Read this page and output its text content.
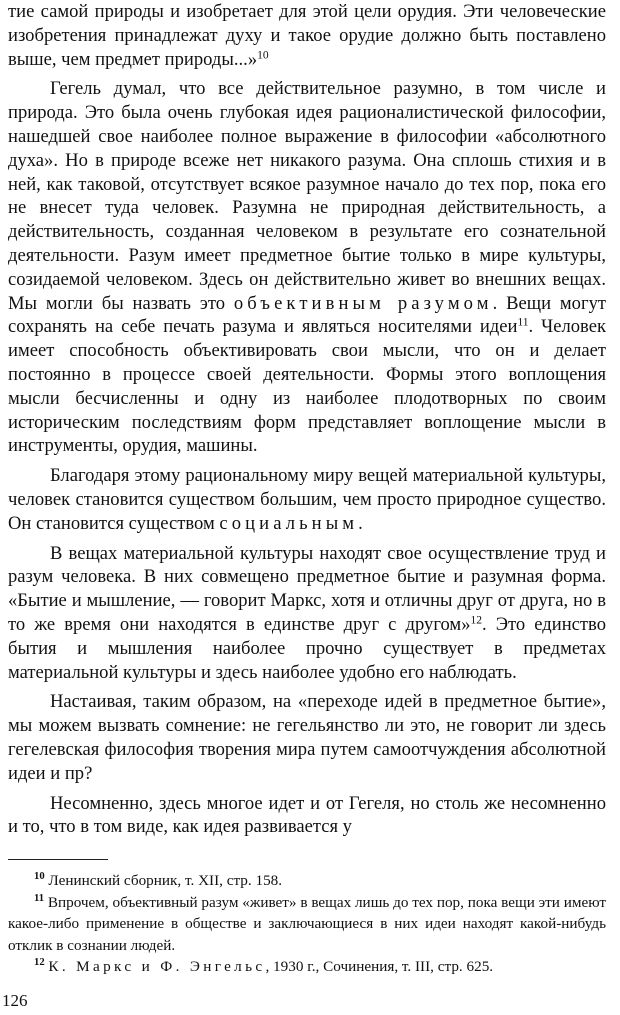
тие самой природы и изобретает для этой цели орудия. Эти человеческие изобретения принадлежат духу и такое орудие должно быть поставлено выше, чем предмет природы...»$^{10}$

Гегель думал, что все действительное разумно, в том числе и природа. Это была очень глубокая идея рационалистической философии, нашедшей свое наиболее полное выражение в философии «абсолютного духа». Но в природе всеже нет никакого разума. Она сплошь стихия и в ней, как таковой, отсутствует всякое разумное начало до тех пор, пока его не внесет туда человек. Разумна не природная действительность, а действительность, созданная человеком в результате его сознательной деятельности. Разум имеет предметное бытие только в мире культуры, созидаемой человеком. Здесь он действительно живет во внешних вещах. Мы могли бы назвать это объективным разумом. Вещи могут сохранять на себе печать разума и являться носителями идеи$^{11}$. Человек имеет способность объективировать свои мысли, что он и делает постоянно в процессе своей деятельности. Формы этого воплощения мысли бесчисленны и одну из наиболее плодотворных по своим историческим последствиям форм представляет воплощение мысли в инструменты, орудия, машины.

Благодаря этому рациональному миру вещей материальной культуры, человек становится существом большим, чем просто природное существо. Он становится существом социальным.

В вещах материальной культуры находят свое осуществление труд и разум человека. В них совмещено предметное бытие и разумная форма. «Бытие и мышление, — говорит Маркс, хотя и отличны друг от друга, но в то же время они находятся в единстве друг с другом»$^{12}$. Это единство бытия и мышления наиболее прочно существует в предметах материальной культуры и здесь наиболее удобно его наблюдать.

Настаивая, таким образом, на «переходе идей в предметное бытие», мы можем вызвать сомнение: не гегельянство ли это, не говорит ли здесь гегелевская философия творения мира путем самоотчуждения абсолютной идеи и пр?

Несомненно, здесь многое идет и от Гегеля, но столь же несомненно и то, что в том виде, как идея развивается у

$^{10}$ Ленинский сборник, т. XII, стр. 158.

$^{11}$ Впрочем, объективный разум «живет» в вещах лишь до тех пор, пока вещи эти имеют какое-либо применение в обществе и заключающиеся в них идеи находят какой-нибудь отклик в сознании людей.

$^{12}$ К. Маркс и Ф. Энгельс, 1930 г., Сочинения, т. III, стр. 625.

126
